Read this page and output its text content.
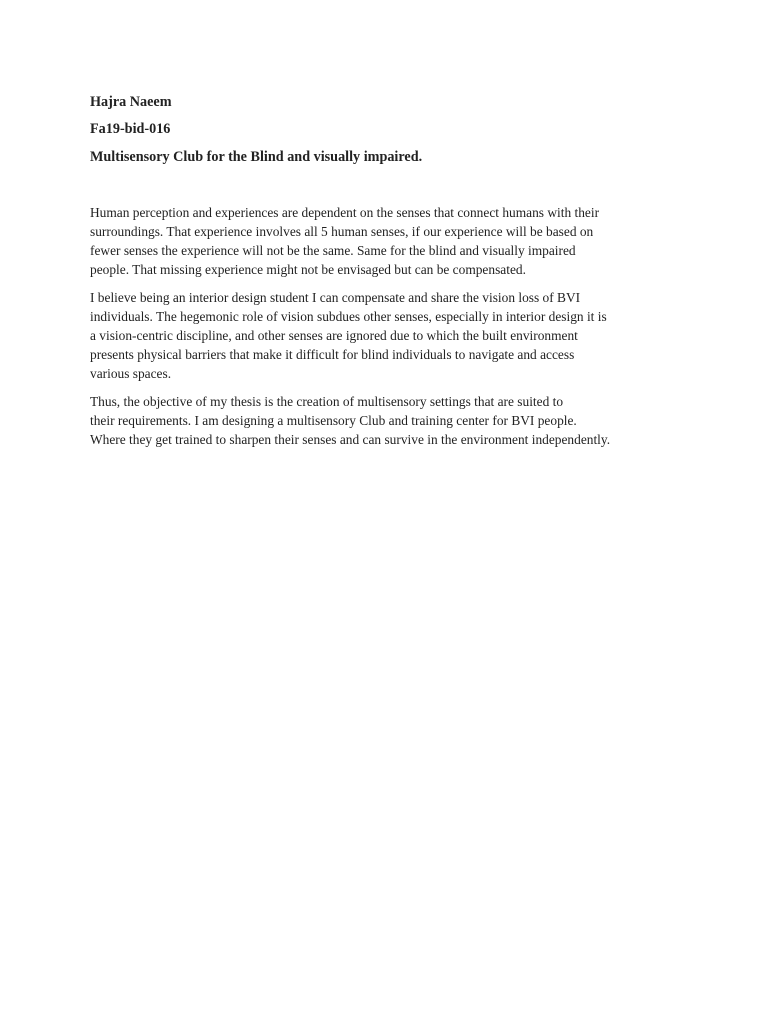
Hajra Naeem
Fa19-bid-016
Multisensory Club for the Blind and visually impaired.

Human perception and experiences are dependent on the senses that connect humans with their
surroundings. That experience involves all 5 human senses, if our experience will be based on
fewer senses the experience will not be the same. Same for the blind and visually impaired
people. That missing experience might not be envisaged but can be compensated.

I believe being an interior design student I can compensate and share the vision loss of BVI
individuals. The hegemonic role of vision subdues other senses, especially in interior design it is
a vision-centric discipline, and other senses are ignored due to which the built environment
presents physical barriers that make it difficult for blind individuals to navigate and access
various spaces.

Thus, the objective of my thesis is the creation of multisensory settings that are suited to
their requirements. I am designing a multisensory Club and training center for BVI people.
Where they get trained to sharpen their senses and can survive in the environment independently.
